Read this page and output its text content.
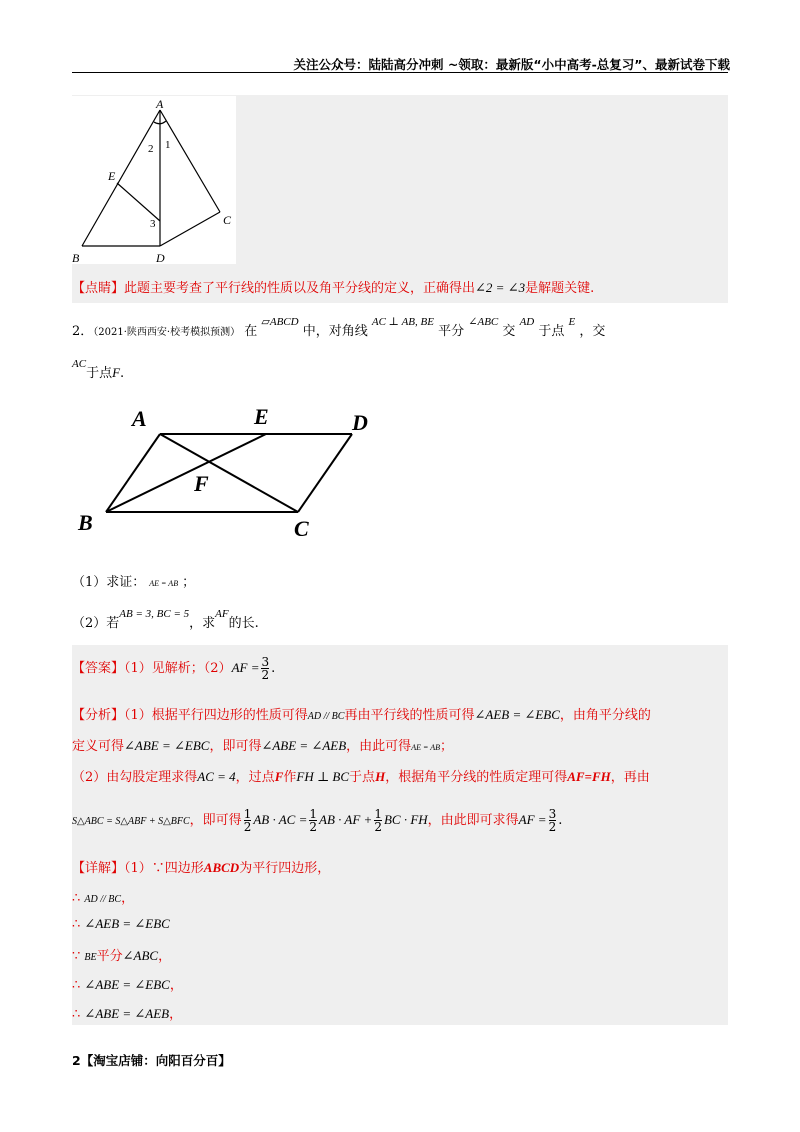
关注公众号：陆陆高分冲刺 ~领取：最新版“小中高考-总复习”、最新试卷下载
A
E
C
B	D
2 1
3
【点睛】此题主要考查了平行线的性质以及角平分线的定义，正确得出∠2 = ∠3是解题关键.
2．（2021·陕西西安·校考模拟预测） 在 $^{▱ABCD}$ 中，对角线 $^{AC \perp AB, BE}$ 平分 $^{\angle ABC}$ 交 $^{AD}$ 于点 $^E$ ，交
$^{AC}$于点F.
A	E	D
F
B	C
（1）求证： AE = AB ；
（2）若$^{AB = 3, BC = 5}$，求$^{AF}$的长.
【答案】（1）见解析；$(2)AF = \frac{3}{2}$ .
【分析】（1）根据平行四边形的性质可得AD // BC再由平行线的性质可得∠AEB = ∠EBC，由角平分线的
定义可得∠ABE = ∠EBC，即可得∠ABE = ∠AEB，由此可得AE = AB；
（2）由勾股定理求得AC = 4，过点F作FH ⊥ BC于点H，根据角平分线的性质定理可得AF=FH，再由
S△ABC = S△ABF + S△BFC，即可得 $\frac{1}{2}$ AB · AC = $\frac{1}{2}$ AB · AF + $\frac{1}{2}$ BC · FH，由此即可求得AF = $\frac{3}{2}$ .
【详解】（1）∵四边形ABCD为平行四边形，
∴ AD // BC，
∴ ∠AEB = ∠EBC
∵ BE平分∠ABC，
∴ ∠ABE = ∠EBC，
∴ ∠ABE = ∠AEB，
2【淘宝店铺：向阳百分百】
